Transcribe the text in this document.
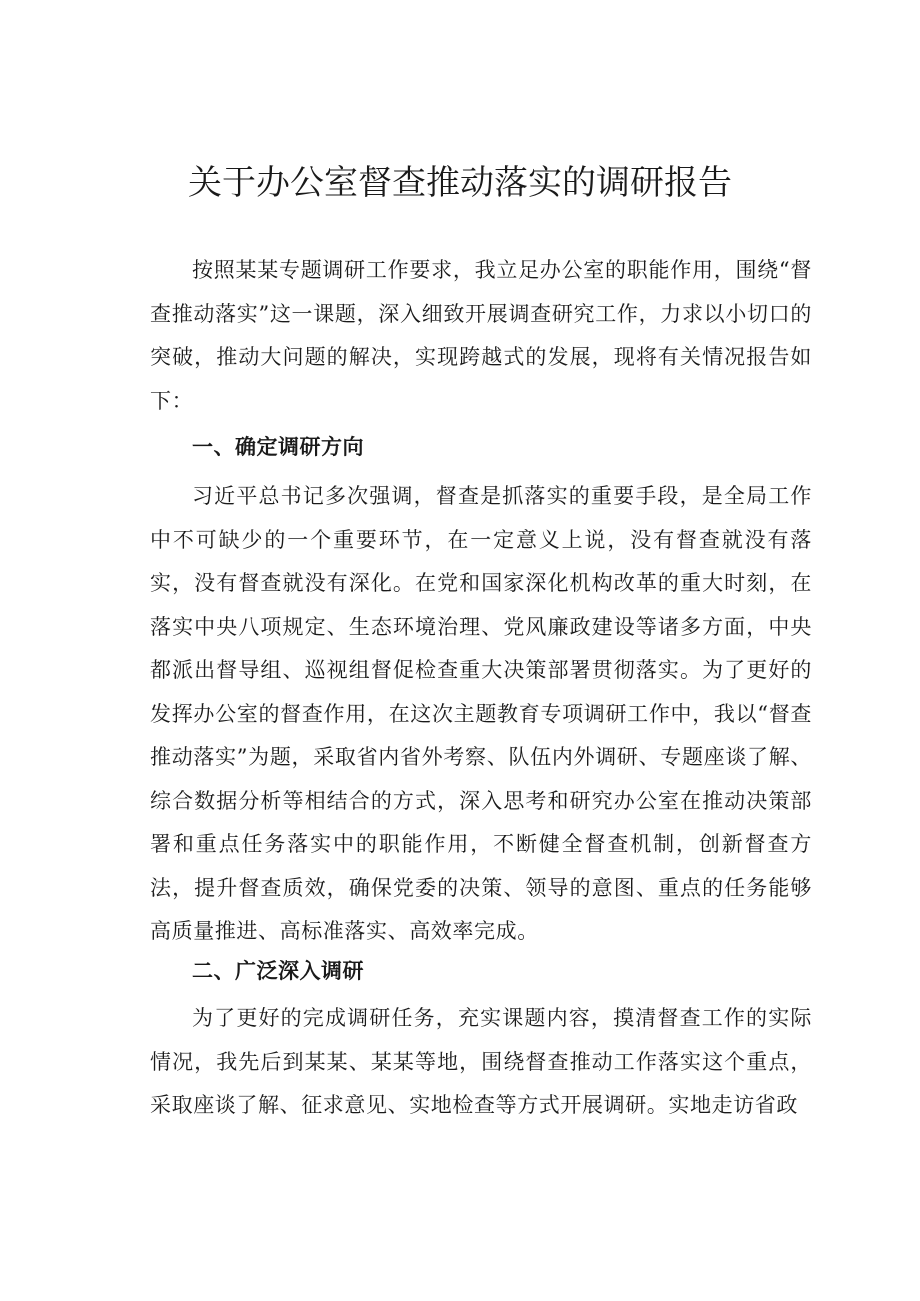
关于办公室督查推动落实的调研报告

按照某某专题调研工作要求，我立足办公室的职能作用，围绕“督查推动落实”这一课题，深入细致开展调查研究工作，力求以小切口的突破，推动大问题的解决，实现跨越式的发展，现将有关情况报告如下：

一、确定调研方向

习近平总书记多次强调，督查是抓落实的重要手段，是全局工作中不可缺少的一个重要环节，在一定意义上说，没有督查就没有落实，没有督查就没有深化。在党和国家深化机构改革的重大时刻，在落实中央八项规定、生态环境治理、党风廉政建设等诸多方面，中央都派出督导组、巡视组督促检查重大决策部署贯彻落实。为了更好的发挥办公室的督查作用，在这次主题教育专项调研工作中，我以“督查推动落实”为题，采取省内省外考察、队伍内外调研、专题座谈了解、综合数据分析等相结合的方式，深入思考和研究办公室在推动决策部署和重点任务落实中的职能作用，不断健全督查机制，创新督查方法，提升督查质效，确保党委的决策、领导的意图、重点的任务能够高质量推进、高标准落实、高效率完成。

二、广泛深入调研

为了更好的完成调研任务，充实课题内容，摸清督查工作的实际情况，我先后到某某、某某等地，围绕督查推动工作落实这个重点，采取座谈了解、征求意见、实地检查等方式开展调研。实地走访省政
